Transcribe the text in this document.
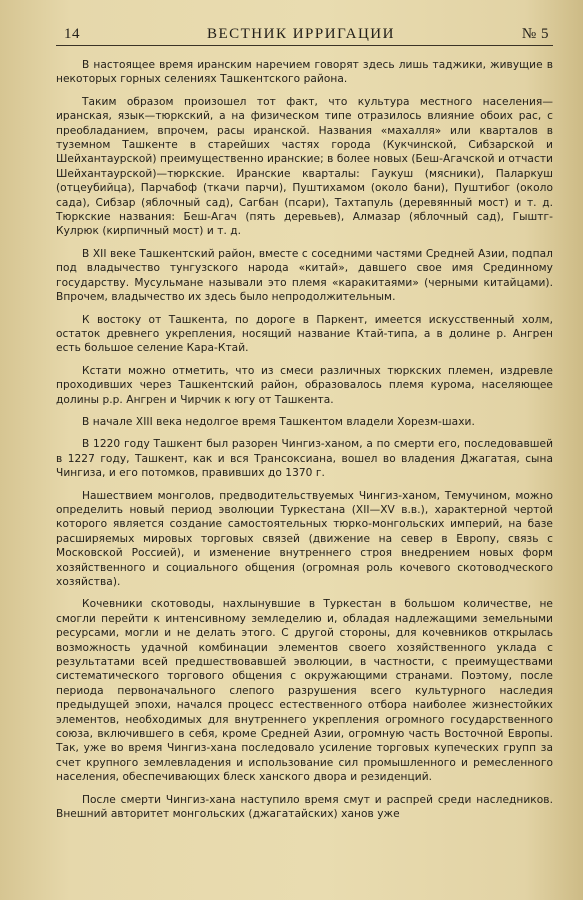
14	ВЕСТНИК ИРРИГАЦИИ	№ 5

В настоящее время иранским наречием говорят здесь лишь таджики, живущие в некоторых горных селениях Ташкентского района.

Таким образом произошел тот факт, что культура местного населения—иранская, язык—тюркский, а на физическом типе отразилось влияние обоих рас, с преобладанием, впрочем, расы иранской. Названия «махалля» или кварталов в туземном Ташкенте в старейших частях города (Кукчинской, Сибзарской и Шейхантаурской) преимущественно иранские; в более новых (Беш-Агачской и отчасти Шейхантаурской)—тюркские. Иранские кварталы: Гаукуш (мясники), Паларкуш (отцеубийца), Парчабоф (ткачи парчи), Пуштихамом (около бани), Пуштибог (около сада), Сибзар (яблочный сад), Сагбан (псари), Тахтапуль (деревянный мост) и т. д. Тюркские названия: Беш-Агач (пять деревьев), Алмазар (яблочный сад), Гыштг-Кулрюк (кирпичный мост) и т. д.

В XII веке Ташкентский район, вместе с соседними частями Средней Азии, подпал под владычество тунгузского народа «китай», давшего свое имя Срединному государству. Мусульмане называли это племя «каракитаями» (черными китайцами). Впрочем, владычество их здесь было непродолжительным.

К востоку от Ташкента, по дороге в Паркент, имеется искусственный холм, остаток древнего укрепления, носящий название Ктай-типа, а в долине р. Ангрен есть большое селение Кара-Ктай.

Кстати можно отметить, что из смеси различных тюркских племен, издревле проходивших через Ташкентский район, образовалось племя курома, населяющее долины р.р. Ангрен и Чирчик к югу от Ташкента.

В начале XIII века недолгое время Ташкентом владели Хорезм-шахи.

В 1220 году Ташкент был разорен Чингиз-ханом, а по смерти его, последовавшей в 1227 году, Ташкент, как и вся Трансоксиана, вошел во владения Джагатая, сына Чингиза, и его потомков, правивших до 1370 г.

Нашествием монголов, предводительствуемых Чингиз-ханом, Темучином, можно определить новый период эволюции Туркестана (XII—XV в.в.), характерной чертой которого является создание самостоятельных тюрко-монгольских империй, на базе расширяемых мировых торговых связей (движение на север в Европу, связь с Московской Россией), и изменение внутреннего строя внедрением новых форм хозяйственного и социального общения (огромная роль кочевого скотоводческого хозяйства).

Кочевники скотоводы, нахлынувшие в Туркестан в большом количестве, не смогли перейти к интенсивному земледелию и, обладая надлежащими земельными ресурсами, могли и не делать этого. С другой стороны, для кочевников открылась возможность удачной комбинации элементов своего хозяйственного уклада с результатами всей предшествовавшей эволюции, в частности, с преимуществами систематического торгового общения с окружающими странами. Поэтому, после периода первоначального слепого разрушения всего культурного наследия предыдущей эпохи, начался процесс естественного отбора наиболее жизнестойких элементов, необходимых для внутреннего укрепления огромного государственного союза, включившего в себя, кроме Средней Азии, огромную часть Восточной Европы. Так, уже во время Чингиз-хана последовало усиление торговых купеческих групп за счет крупного землевладения и использование сил промышленного и ремесленного населения, обеспечивающих блеск ханского двора и резиденций.

После смерти Чингиз-хана наступило время смут и распрей среди наследников. Внешний авторитет монгольских (джагатайских) ханов уже
